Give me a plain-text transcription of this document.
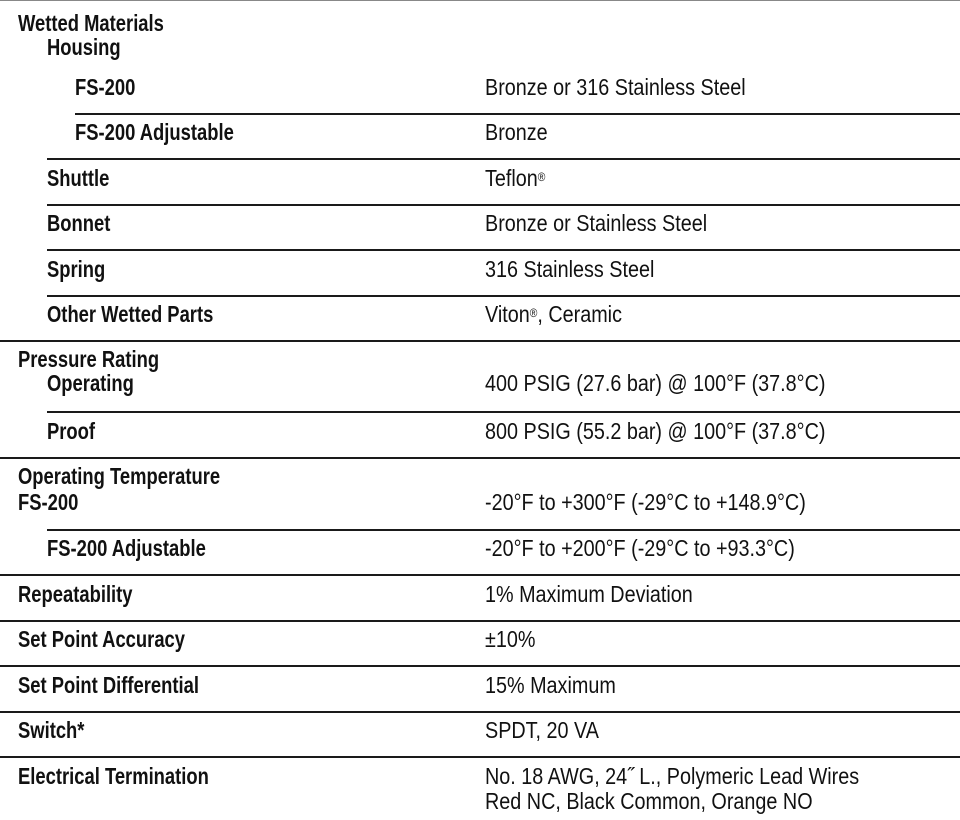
Wetted Materials
Housing
FS-200	Bronze or 316 Stainless Steel
FS-200 Adjustable	Bronze
Shuttle	Teflon®
Bonnet	Bronze or Stainless Steel
Spring	316 Stainless Steel
Other Wetted Parts	Viton®, Ceramic
Pressure Rating
Operating	400 PSIG (27.6 bar) @ 100°F (37.8°C)
Proof	800 PSIG (55.2 bar) @ 100°F (37.8°C)
Operating Temperature
FS-200	-20°F to +300°F (-29°C to +148.9°C)
FS-200 Adjustable	-20°F to +200°F (-29°C to +93.3°C)
Repeatability	1% Maximum Deviation
Set Point Accuracy	±10%
Set Point Differential	15% Maximum
Switch*	SPDT, 20 VA
Electrical Termination	No. 18 AWG, 24˝ L., Polymeric Lead Wires
Red NC, Black Common, Orange NO
